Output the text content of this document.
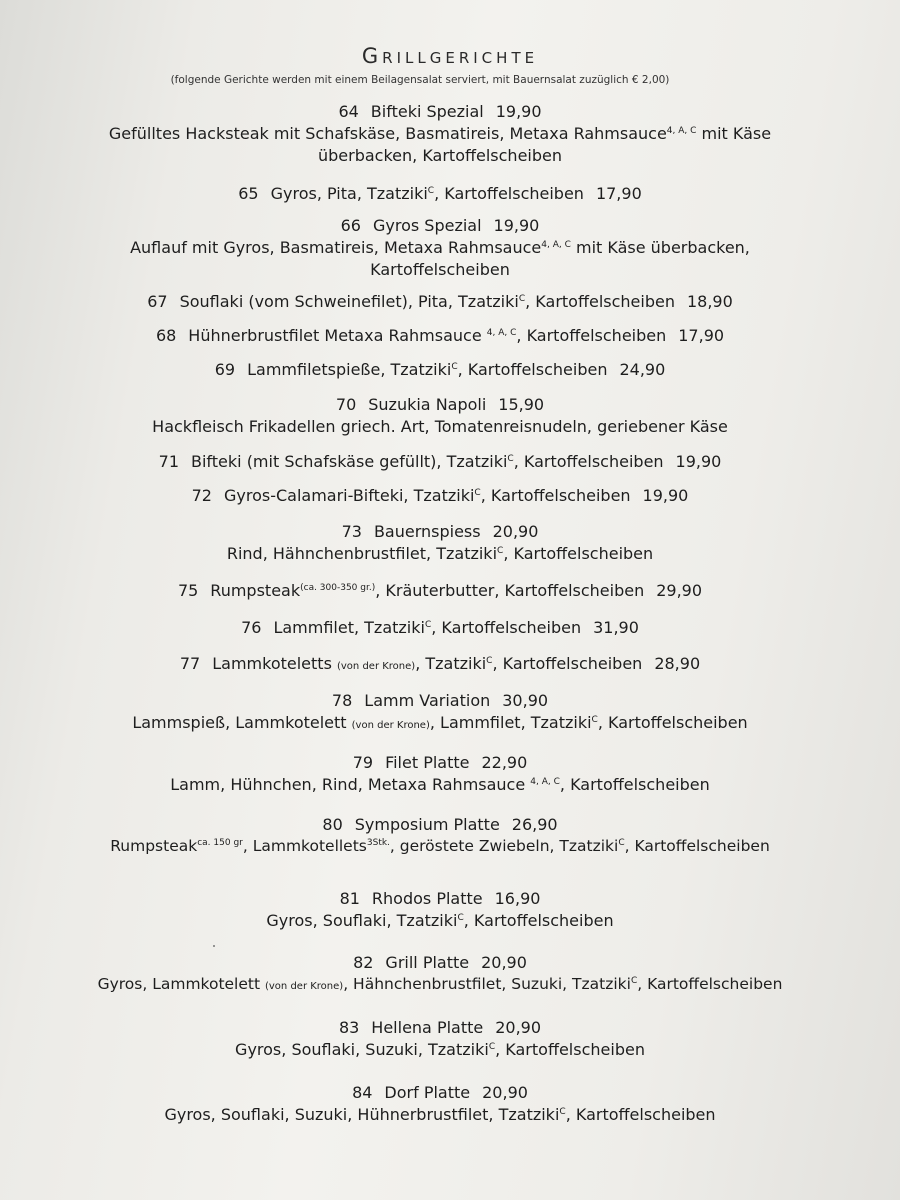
Grillgerichte
(folgende Gerichte werden mit einem Beilagensalat serviert, mit Bauernsalat zuzüglich € 2,00)
64 Bifteki Spezial 19,90
Gefülltes Hacksteak mit Schafskäse, Basmatireis, Metaxa Rahmsauce$^{4, A, C}$ mit Käse
überbacken, Kartoffelscheiben
65 Gyros, Pita, Tzatziki$^C$, Kartoffelscheiben 17,90
66 Gyros Spezial 19,90
Auflauf mit Gyros, Basmatireis, Metaxa Rahmsauce$^{4, A, C}$ mit Käse überbacken,
Kartoffelscheiben
67 Souflaki (vom Schweinefilet), Pita, Tzatziki$^C$, Kartoffelscheiben 18,90
68 Hühnerbrustfilet Metaxa Rahmsauce $^{4, A, C}$, Kartoffelscheiben 17,90
69 Lammfiletspieße, Tzatziki$^C$, Kartoffelscheiben 24,90
70 Suzukia Napoli 15,90
Hackfleisch Frikadellen griech. Art, Tomatenreisnudeln, geriebener Käse
71 Bifteki (mit Schafskäse gefüllt), Tzatziki$^C$, Kartoffelscheiben 19,90
72 Gyros-Calamari-Bifteki, Tzatziki$^C$, Kartoffelscheiben 19,90
73 Bauernspiess 20,90
Rind, Hähnchenbrustfilet, Tzatziki$^C$, Kartoffelscheiben
75 Rumpsteak$^{(ca. 300-350 gr.)}$, Kräuterbutter, Kartoffelscheiben 29,90
76 Lammfilet, Tzatziki$^C$, Kartoffelscheiben 31,90
77 Lammkoteletts (von der Krone), Tzatziki$^C$, Kartoffelscheiben 28,90
78 Lamm Variation 30,90
Lammspieß, Lammkotelett (von der Krone), Lammfilet, Tzatziki$^C$, Kartoffelscheiben
79 Filet Platte 22,90
Lamm, Hühnchen, Rind, Metaxa Rahmsauce $^{4, A, C}$, Kartoffelscheiben
80 Symposium Platte 26,90
Rumpsteak$^{ca. 150 gr}$, Lammkotellets$^{3Stk.}$, geröstete Zwiebeln, Tzatziki$^C$, Kartoffelscheiben
81 Rhodos Platte 16,90
Gyros, Souflaki, Tzatziki$^C$, Kartoffelscheiben
82 Grill Platte 20,90
Gyros, Lammkotelett (von der Krone), Hähnchenbrustfilet, Suzuki, Tzatziki$^C$, Kartoffelscheiben
83 Hellena Platte 20,90
Gyros, Souflaki, Suzuki, Tzatziki$^C$, Kartoffelscheiben
84 Dorf Platte 20,90
Gyros, Souflaki, Suzuki, Hühnerbrustfilet, Tzatziki$^C$, Kartoffelscheiben
